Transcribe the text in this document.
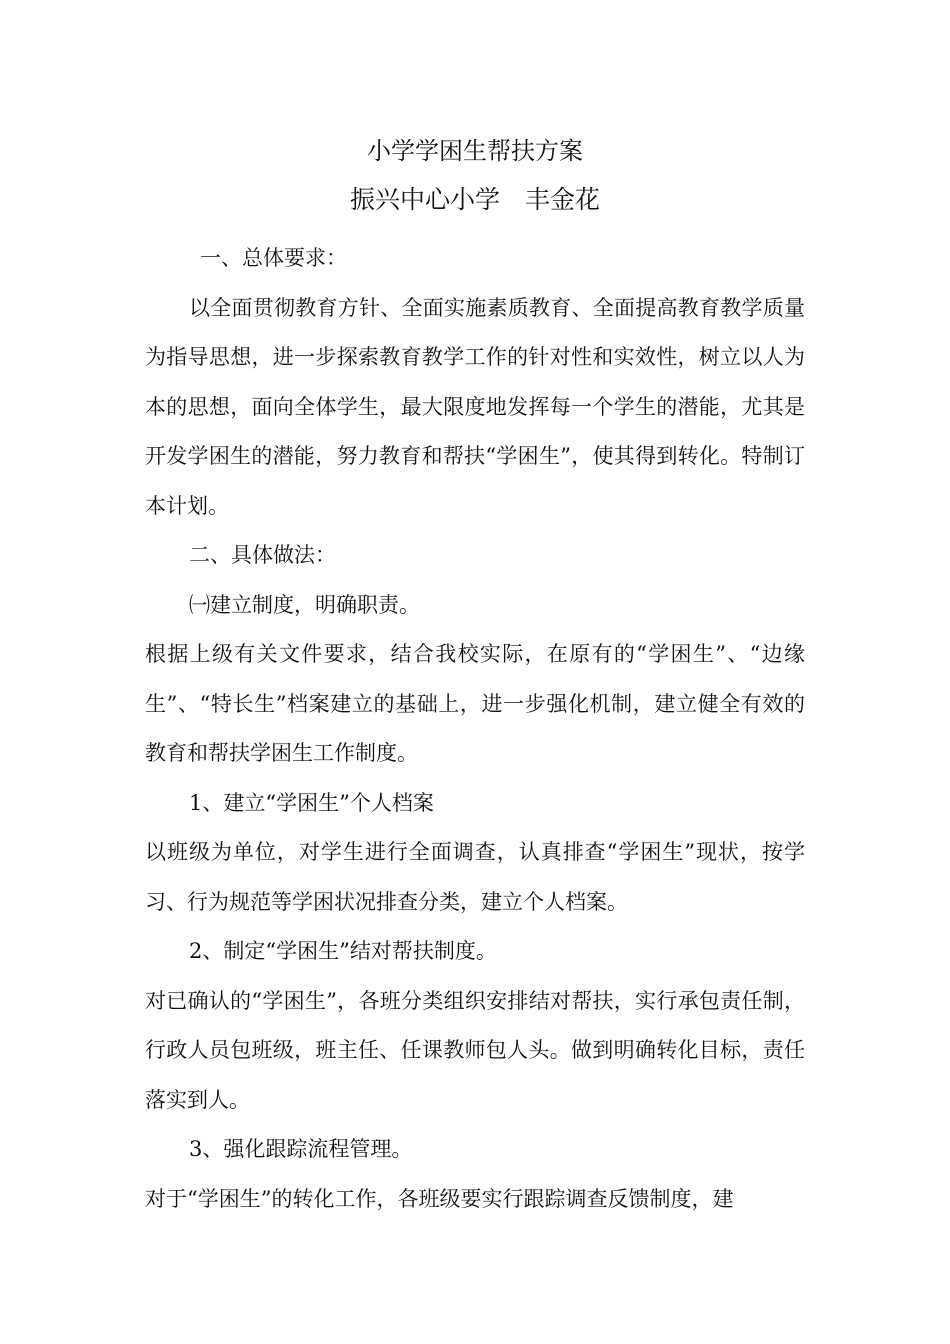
小学学困生帮扶方案
振兴中心小学　丰金花

一、总体要求：

以全面贯彻教育方针、全面实施素质教育、全面提高教育教学质量为指导思想，进一步探索教育教学工作的针对性和实效性，树立以人为本的思想，面向全体学生，最大限度地发挥每一个学生的潜能，尤其是开发学困生的潜能，努力教育和帮扶“学困生”，使其得到转化。特制订本计划。

二、具体做法：

㈠建立制度，明确职责。

根据上级有关文件要求，结合我校实际，在原有的“学困生”、“边缘生”、“特长生”档案建立的基础上，进一步强化机制，建立健全有效的教育和帮扶学困生工作制度。

1、建立“学困生”个人档案

以班级为单位，对学生进行全面调查，认真排查“学困生”现状，按学习、行为规范等学困状况排查分类，建立个人档案。

2、制定“学困生”结对帮扶制度。

对已确认的“学困生”，各班分类组织安排结对帮扶，实行承包责任制，行政人员包班级，班主任、任课教师包人头。做到明确转化目标，责任落实到人。

3、强化跟踪流程管理。

对于“学困生”的转化工作，各班级要实行跟踪调查反馈制度，建
